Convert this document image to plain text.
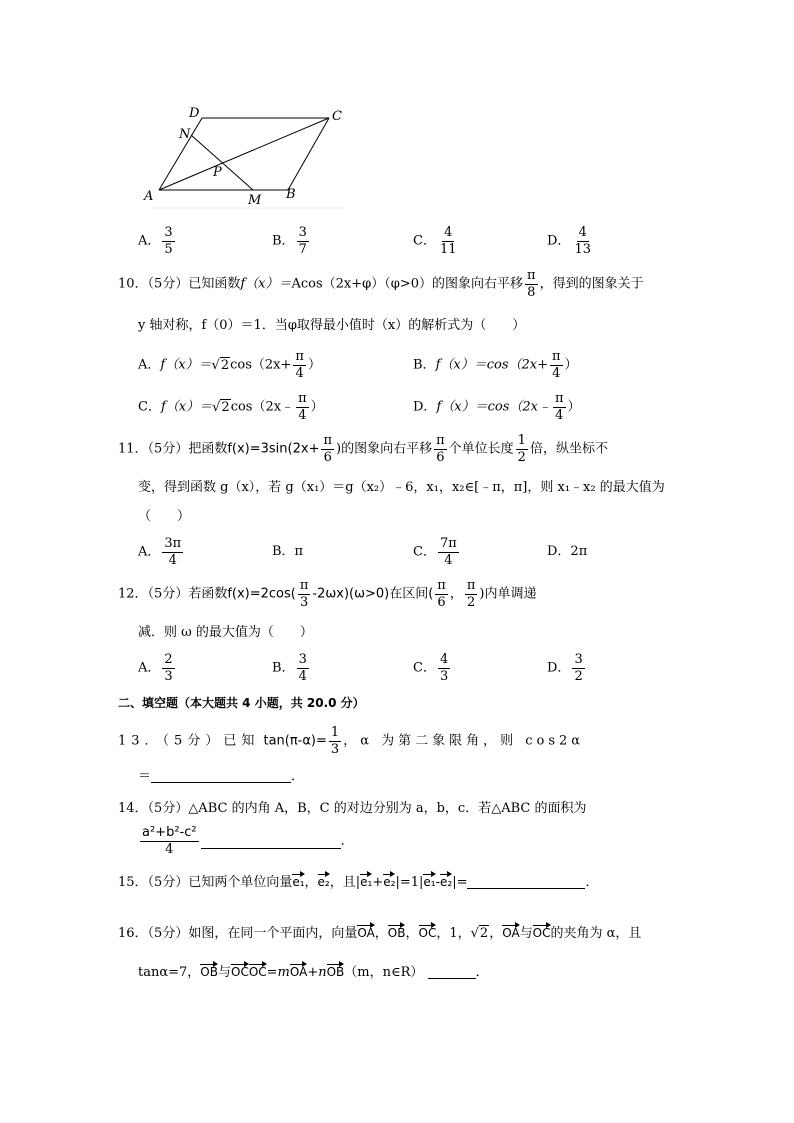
A	B
C
D
M
N
P
A． $\frac{3}{5}$	B． $\frac{3}{7}$	C． $\frac{4}{11}$	D． $\frac{4}{13}$
10．（5分）已知函数f（x）＝Acos（2x+φ）（φ>0）的图象向右平移 $\frac{\pi}{8}$ ，得到的图象关于
y 轴对称，f（0）＝1．当φ取得最小值时（x）的解析式为（　　）
A．$f(x)=√2\cos(2x+ \frac{\pi}{4}$ ）	B．$f(x)=\cos(2x+ \frac{\pi}{4}$ ）
C．f（x）＝√2cos（2x﹣ $\frac{\pi}{4}$ ）	D．f（x）＝cos（2x﹣ $\frac{\pi}{4}$ ）
11．（5分）把函数$f(x)=3\sin(2x+ \frac{\pi}{6}$ )的图象向右平移 $\frac{\pi}{6}$ 个单位长度 $\frac{1}{2}$ 倍，纵坐标不
变，得到函数 g（x），若 g（x₁）＝g（x₂）﹣6，x₁，x₂∈[﹣π，π]，则 x₁﹣x₂ 的最大值为
（　　）
A． $\frac{3\pi}{4}$	B．π	C． $\frac{7\pi}{4}$	D．2π
12．（5分）若函数$f(x)=2\cos( \frac{\pi}{3} -2\omega x)(\omega>0)$在区间( $\frac{\pi}{6}$ ， $\frac{\pi}{2}$ )内单调递
减．则 ω 的最大值为（　　）
A． $\frac{2}{3}$	B． $\frac{3}{4}$	C． $\frac{4}{3}$	D． $\frac{3}{2}$
二、填空题（本大题共 4 小题，共 20.0 分）
13．（5分）已知 $\tan(\pi-\alpha)= \frac{1}{3}$ ，α 为第二象限角，则 cos2α
＝	．
14．（5分）△ABC 的内角 A，B，C 的对边分别为 a，b，c．若△ABC 的面积为
$\frac{\text{a²+b²-c²}}{4}$	．
15．（5分）已知两个单位向量e₁，e₂，且|e₁+e₂|=1|e₁-e₂|=	．
16．（5分）如图，在同一个平面内，向量OA，OB，OC，1，√2，OA与OC的夹角为 α，且
tanα=7，OB与OCOC=mOA+nOB（m，n∈R）	．
